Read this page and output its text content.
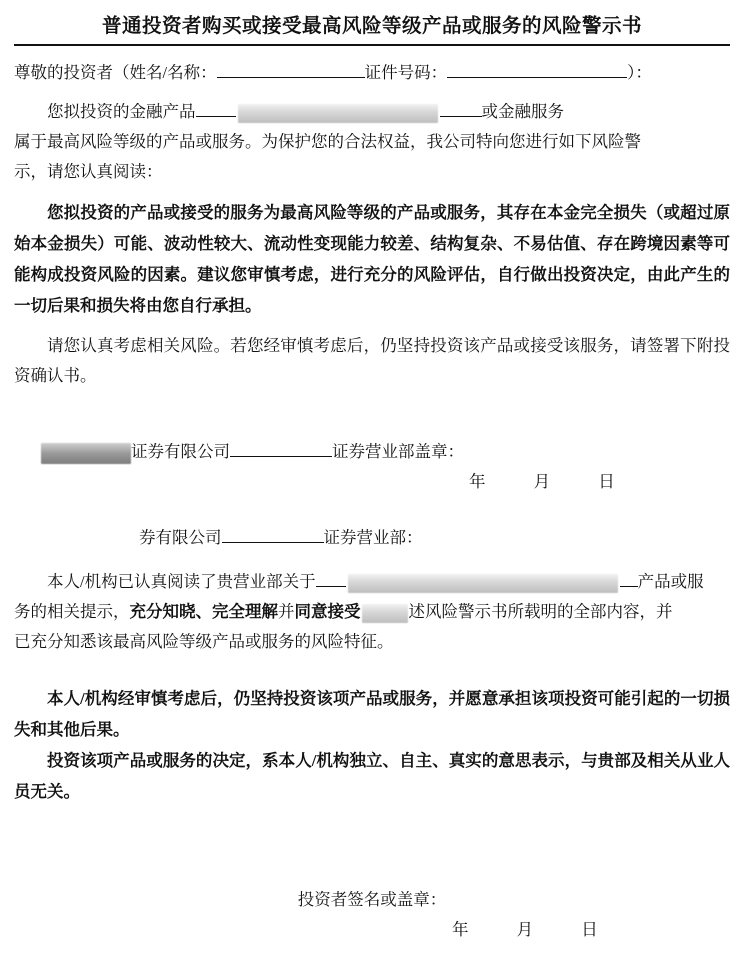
普通投资者购买或接受最高风险等级产品或服务的风险警示书
尊敬的投资者（姓名/名称：	证件号码：	）：
您拟投资的金融产品	或金融服务
属于最高风险等级的产品或服务。为保护您的合法权益，我公司特向您进行如下风险警
示，请您认真阅读：
您拟投资的产品或接受的服务为最高风险等级的产品或服务，其存在本金完全损失（或超过原始本金损失）可能、波动性较大、流动性变现能力较差、结构复杂、不易估值、存在跨境因素等可能构成投资风险的因素。建议您审慎考虑，进行充分的风险评估，自行做出投资决定，由此产生的一切后果和损失将由您自行承担。
请您认真考虑相关风险。若您经审慎考虑后，仍坚持投资该产品或接受该服务，请签署下附投资确认书。
证券有限公司	证券营业部盖章：
年 月 日
券有限公司	证券营业部：
本人/机构已认真阅读了贵营业部关于	产品或服
务的相关提示，充分知晓、完全理解并同意接受	述风险警示书所载明的全部内容，并
已充分知悉该最高风险等级产品或服务的风险特征。
本人/机构经审慎考虑后，仍坚持投资该项产品或服务，并愿意承担该项投资可能引起的一切损失和其他后果。
投资该项产品或服务的决定，系本人/机构独立、自主、真实的意思表示，与贵部及相关从业人员无关。
投资者签名或盖章：
年 月 日
